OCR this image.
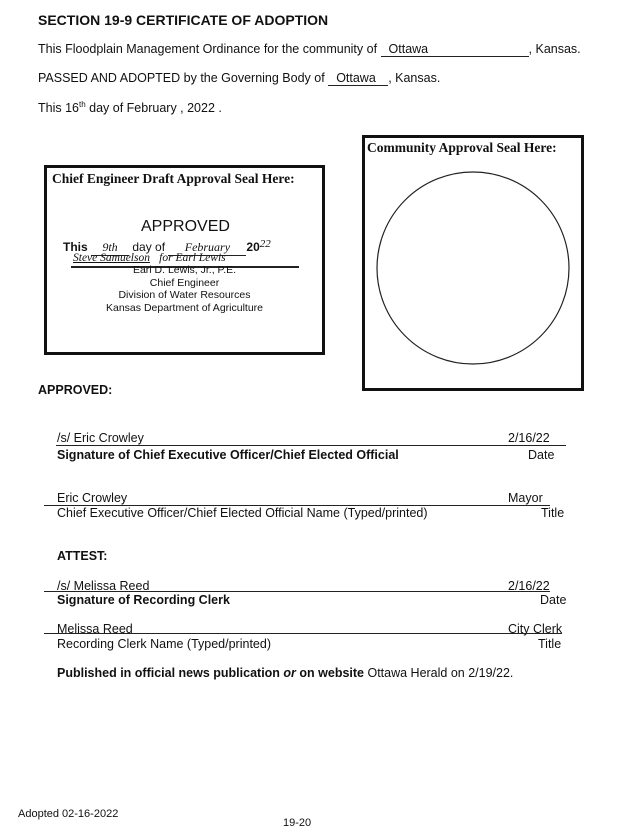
SECTION 19-9 CERTIFICATE OF ADOPTION
This Floodplain Management Ordinance for the community of Ottawa	, Kansas.
PASSED AND ADOPTED by the Governing Body of Ottawa , Kansas.
This 16th day of February , 2022 .
Chief Engineer Draft Approval Seal Here:
APPROVED
This 9th day of February 2022
Steve Samuelson for Earl Lewis
Earl D. Lewis, Jr., P.E.
Chief Engineer
Division of Water Resources
Kansas Department of Agriculture
Community Approval Seal Here:
APPROVED:
/s/ Eric Crowley	2/16/22
Signature of Chief Executive Officer/Chief Elected Official	Date
Eric Crowley	Mayor
Chief Executive Officer/Chief Elected Official Name (Typed/printed)	Title
ATTEST:
/s/ Melissa Reed	2/16/22
Signature of Recording Clerk	Date
Melissa Reed	City Clerk
Recording Clerk Name (Typed/printed)	Title
Published in official news publication or on website Ottawa Herald on 2/19/22.
Adopted 02-16-2022
19-20
